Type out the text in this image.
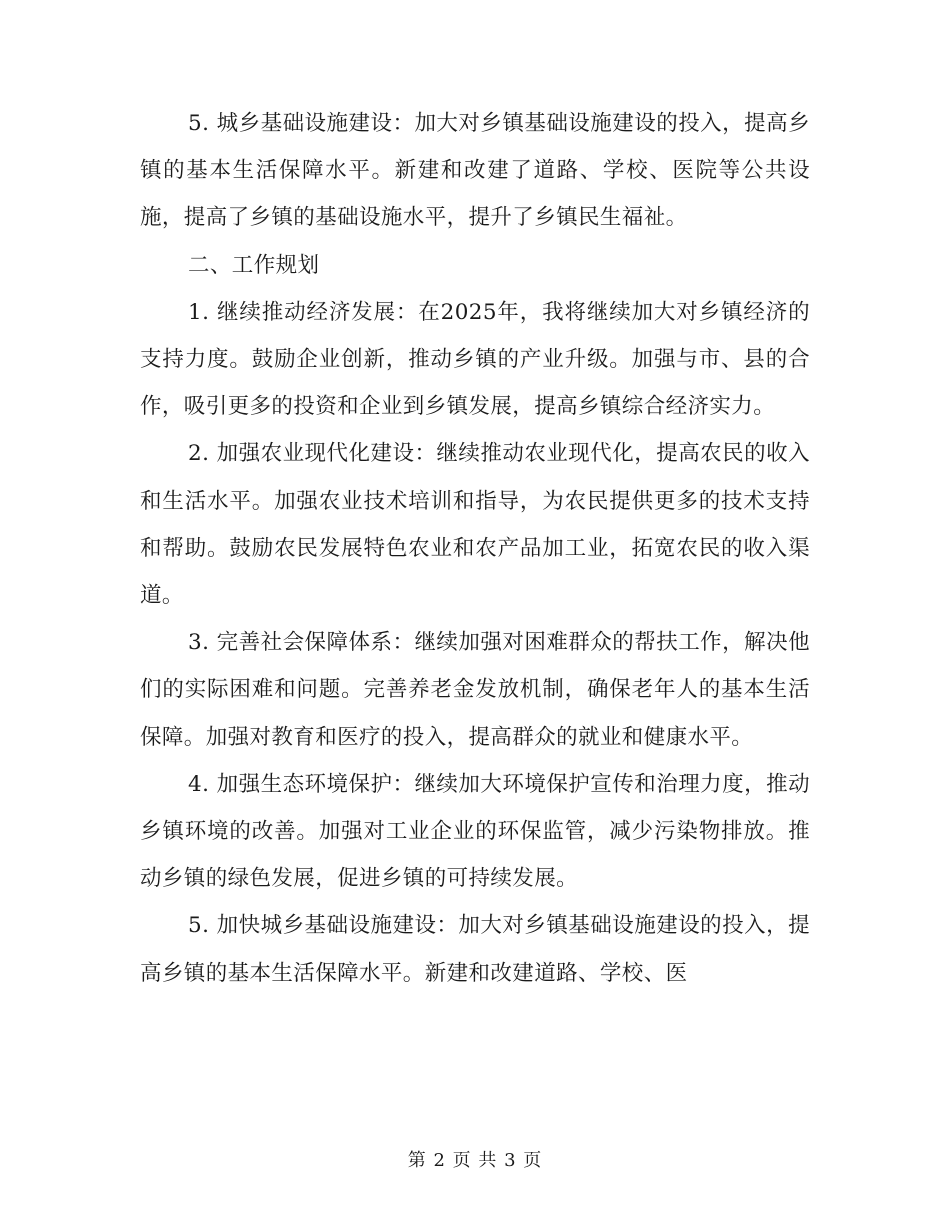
5. 城乡基础设施建设：加大对乡镇基础设施建设的投入，提高乡镇的基本生活保障水平。新建和改建了道路、学校、医院等公共设施，提高了乡镇的基础设施水平，提升了乡镇民生福祉。

二、工作规划

1. 继续推动经济发展：在2025年，我将继续加大对乡镇经济的支持力度。鼓励企业创新，推动乡镇的产业升级。加强与市、县的合作，吸引更多的投资和企业到乡镇发展，提高乡镇综合经济实力。

2. 加强农业现代化建设：继续推动农业现代化，提高农民的收入和生活水平。加强农业技术培训和指导，为农民提供更多的技术支持和帮助。鼓励农民发展特色农业和农产品加工业，拓宽农民的收入渠道。

3. 完善社会保障体系：继续加强对困难群众的帮扶工作，解决他们的实际困难和问题。完善养老金发放机制，确保老年人的基本生活保障。加强对教育和医疗的投入，提高群众的就业和健康水平。

4. 加强生态环境保护：继续加大环境保护宣传和治理力度，推动乡镇环境的改善。加强对工业企业的环保监管，减少污染物排放。推动乡镇的绿色发展，促进乡镇的可持续发展。

5. 加快城乡基础设施建设：加大对乡镇基础设施建设的投入，提高乡镇的基本生活保障水平。新建和改建道路、学校、医

第 2 页 共 3 页
